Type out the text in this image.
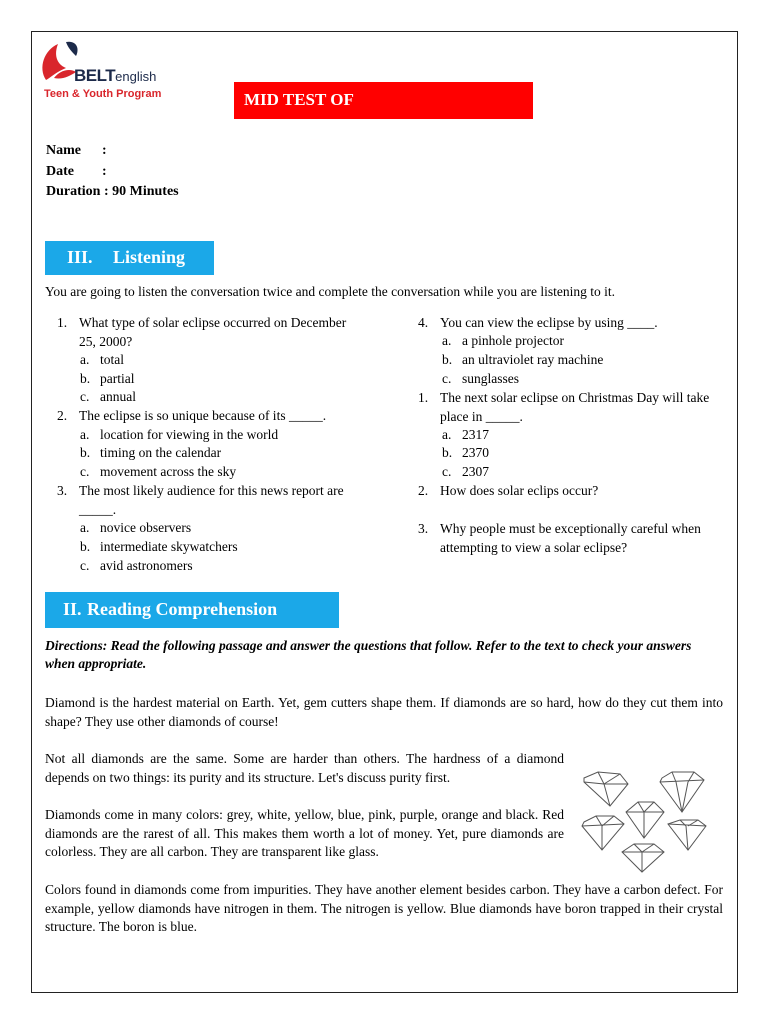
BELTenglish
Teen & Youth Program	MID TEST OF
Name      :
Date        :
Duration : 90 Minutes
III. Listening
You are going to listen the conversation twice and complete the conversation while you are listening to it.
1. What type of solar eclipse occurred on December
25, 2000?
a. total
b. partial
c. annual
2. The eclipse is so unique because of its _____.
a. location for viewing in the world
b. timing on the calendar
c. movement across the sky
3. The most likely audience for this news report are
_____.
a. novice observers
b. intermediate skywatchers
c. avid astronomers
4. You can view the eclipse by using ____.
a. a pinhole projector
b. an ultraviolet ray machine
c. sunglasses
1. The next solar eclipse on Christmas Day will take
place in _____.
a. 2317
b. 2370
c. 2307
2. How does solar eclips occur?
3. Why people must be exceptionally careful when
attempting to view a solar eclipse?
II. Reading Comprehension
Directions: Read the following passage and answer the questions that follow. Refer to the text to check your answers
when appropriate.
Diamond is the hardest material on Earth. Yet, gem cutters shape them. If diamonds are so hard, how do they cut them into shape? They use other diamonds of course!
Not all diamonds are the same. Some are harder than others. The hardness of a diamond depends on two things: its purity and its structure. Let's discuss purity first.
Diamonds come in many colors: grey, white, yellow, blue, pink, purple, orange and black. Red diamonds are the rarest of all. This makes them worth a lot of money. Yet, pure diamonds are colorless. They are all carbon. They are transparent like glass.
Colors found in diamonds come from impurities. They have another element besides carbon. They have a carbon defect. For example, yellow diamonds have nitrogen in them. The nitrogen is yellow. Blue diamonds have boron trapped in their crystal structure. The boron is blue.
